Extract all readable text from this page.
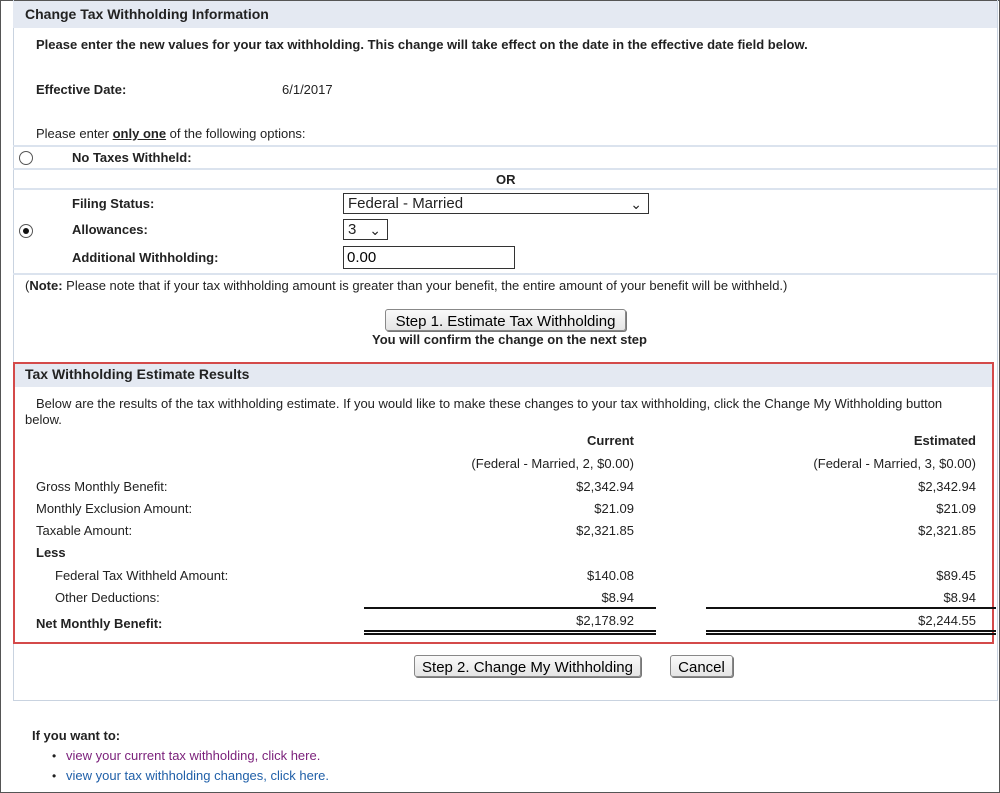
Change Tax Withholding Information
Please enter the new values for your tax withholding. This change will take effect on the date in the effective date field below.
Effective Date:	6/1/2017
Please enter only one of the following options:
No Taxes Withheld:
OR
Filing Status:	Federal - Married	⌄
Allowances:	3 ⌄
Additional Withholding:
0.00
(Note: Please note that if your tax withholding amount is greater than your benefit, the entire amount of your benefit will be withheld.)
Step 1. Estimate Tax Withholding
You will confirm the change on the next step
Tax Withholding Estimate Results
Below are the results of the tax withholding estimate. If you would like to make these changes to your tax withholding, click the Change My Withholding button
below.
Current	Estimated
(Federal - Married, 2, $0.00)	(Federal - Married, 3, $0.00)
Gross Monthly Benefit:	$2,342.94	$2,342.94
Monthly Exclusion Amount:	$21.09	$21.09
Taxable Amount:	$2,321.85	$2,321.85
Less
Federal Tax Withheld Amount:	$140.08	$89.45
Other Deductions:	$8.94	$8.94
Net Monthly Benefit:	$2,178.92	$2,244.55
Step 2. Change My Withholding	Cancel
If you want to:
• view your current tax withholding, click here.
• view your tax withholding changes, click here.
